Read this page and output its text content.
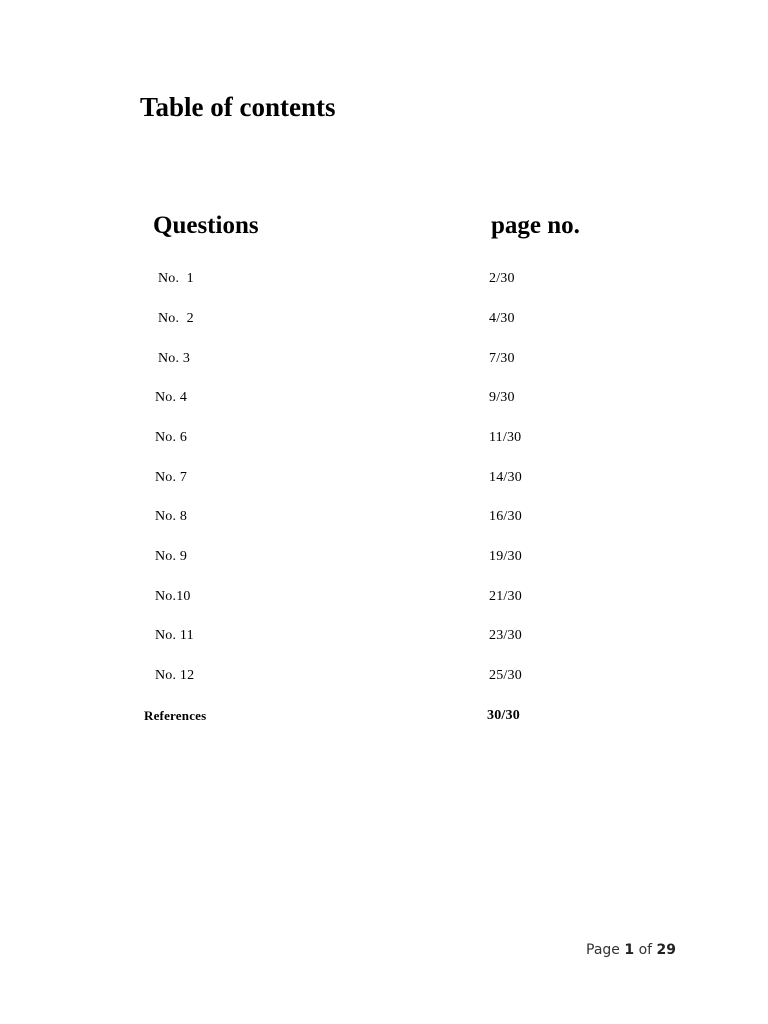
Table of contents
Questions	page no.
No.  1	2/30
No.  2	4/30
No. 3	7/30
No. 4	9/30
No. 6	11/30
No. 7	14/30
No. 8	16/30
No. 9	19/30
No.10	21/30
No. 11	23/30
No. 12	25/30
References	30/30
Page 1 of 29
